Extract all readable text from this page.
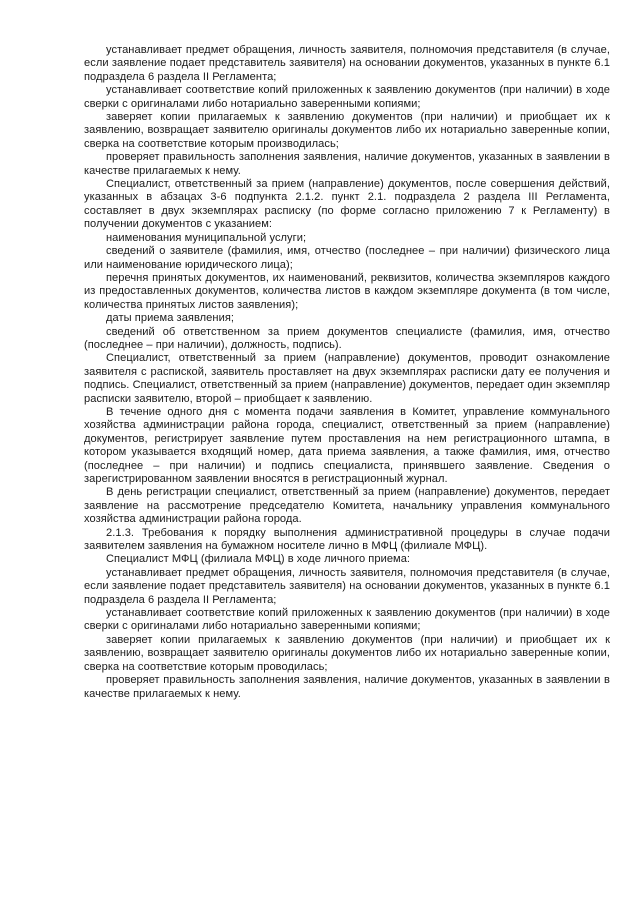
устанавливает предмет обращения, личность заявителя, полномочия представителя (в случае, если заявление подает представитель заявителя) на основании документов, указанных в пункте 6.1 подраздела 6 раздела II Регламента;

устанавливает соответствие копий приложенных к заявлению документов (при наличии) в ходе сверки с оригиналами либо нотариально заверенными копиями;

заверяет копии прилагаемых к заявлению документов (при наличии) и приобщает их к заявлению, возвращает заявителю оригиналы документов либо их нотариально заверенные копии, сверка на соответствие которым производилась;

проверяет правильность заполнения заявления, наличие документов, указанных в заявлении в качестве прилагаемых к нему.

Специалист, ответственный за прием (направление) документов, после совершения действий, указанных в абзацах 3-6 подпункта 2.1.2. пункт 2.1. подраздела 2 раздела III Регламента, составляет в двух экземплярах расписку (по форме согласно приложению 7 к Регламенту) в получении документов с указанием:

наименования муниципальной услуги;

сведений о заявителе (фамилия, имя, отчество (последнее – при наличии) физического лица или наименование юридического лица);

перечня принятых документов, их наименований, реквизитов, количества экземпляров каждого из предоставленных документов, количества листов в каждом экземпляре документа (в том числе, количества принятых листов заявления);

даты приема заявления;

сведений об ответственном за прием документов специалисте (фамилия, имя, отчество (последнее – при наличии), должность, подпись).

Специалист, ответственный за прием (направление) документов, проводит ознакомление заявителя с распиской, заявитель проставляет на двух экземплярах расписки дату ее получения и подпись. Специалист, ответственный за прием (направление) документов, передает один экземпляр расписки заявителю, второй – приобщает к заявлению.

В течение одного дня с момента подачи заявления в Комитет, управление коммунального хозяйства администрации района города, специалист, ответственный за прием (направление) документов, регистрирует заявление путем проставления на нем регистрационного штампа, в котором указывается входящий номер, дата приема заявления, а также фамилия, имя, отчество (последнее – при наличии) и подпись специалиста, принявшего заявление. Сведения о зарегистрированном заявлении вносятся в регистрационный журнал.

В день регистрации специалист, ответственный за прием (направление) документов, передает заявление на рассмотрение председателю Комитета, начальнику управления коммунального хозяйства администрации района города.

2.1.3. Требования к порядку выполнения административной процедуры в случае подачи заявителем заявления на бумажном носителе лично в МФЦ (филиале МФЦ).

Специалист МФЦ (филиала МФЦ) в ходе личного приема:

устанавливает предмет обращения, личность заявителя, полномочия представителя (в случае, если заявление подает представитель заявителя) на основании документов, указанных в пункте 6.1 подраздела 6 раздела II Регламента;

устанавливает соответствие копий приложенных к заявлению документов (при наличии) в ходе сверки с оригиналами либо нотариально заверенными копиями;

заверяет копии прилагаемых к заявлению документов (при наличии) и приобщает их к заявлению, возвращает заявителю оригиналы документов либо их нотариально заверенные копии, сверка на соответствие которым проводилась;

проверяет правильность заполнения заявления, наличие документов, указанных в заявлении в качестве прилагаемых к нему.
